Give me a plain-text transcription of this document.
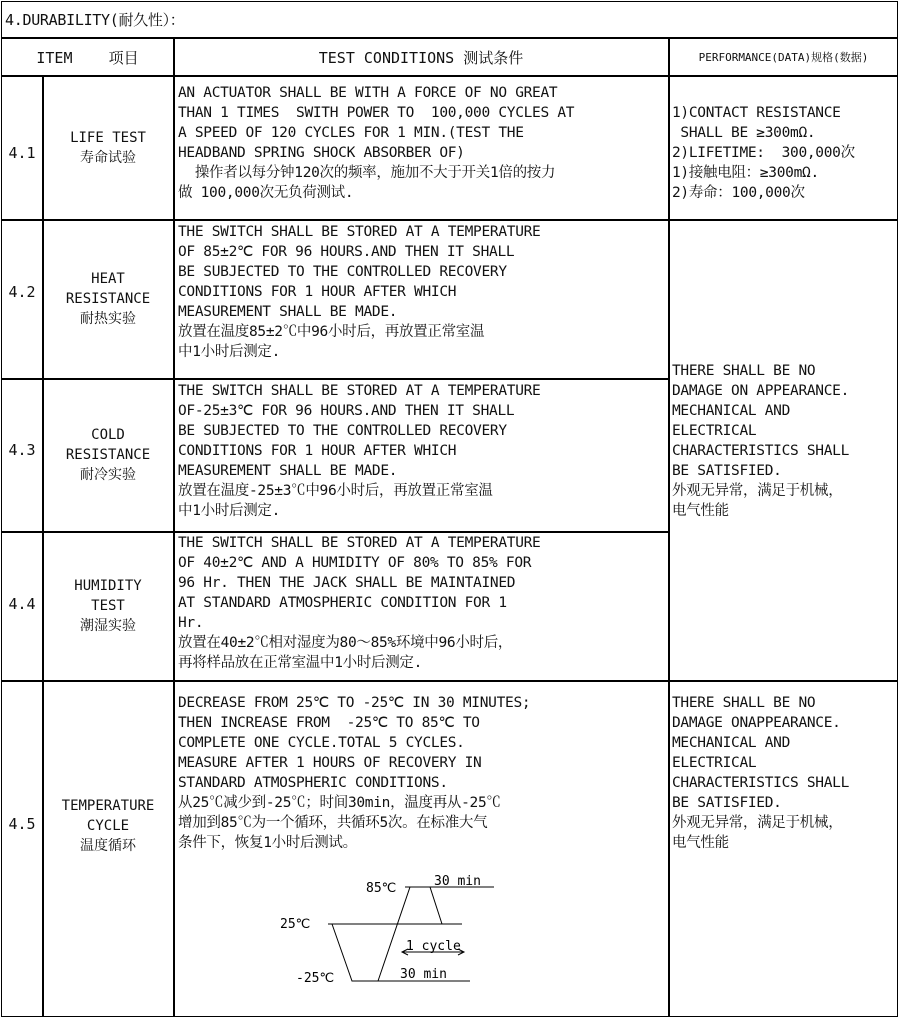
4.DURABILITY(耐久性）：
ITEM    项目	TEST CONDITIONS 测试条件	PERFORMANCE(DATA)规格(数据)
4.1
LIFE TEST
寿命试验
AN ACTUATOR SHALL BE WITH A FORCE OF NO GREAT
THAN 1 TIMES  SWITH POWER TO  100,000 CYCLES AT
A SPEED OF 120 CYCLES FOR 1 MIN.(TEST THE
HEADBAND SPRING SHOCK ABSORBER OF)
操作者以每分钟120次的频率，施加不大于开关1倍的按力
做 100,000次无负荷测试.
1)CONTACT RESISTANCE
SHALL BE ≥300mΩ.
2)LIFETIME:  300,000次
1)接触电阻：≥300mΩ.
2)寿命：100,000次
4.2
HEAT
RESISTANCE
耐热实验
THE SWITCH SHALL BE STORED AT A TEMPERATURE
OF 85±2℃ FOR 96 HOURS.AND THEN IT SHALL
BE SUBJECTED TO THE CONTROLLED RECOVERY
CONDITIONS FOR 1 HOUR AFTER WHICH
MEASUREMENT SHALL BE MADE.
放置在温度85±2℃中96小时后，再放置正常室温
中1小时后测定.
4.3
COLD
RESISTANCE
耐冷实验
THE SWITCH SHALL BE STORED AT A TEMPERATURE
OF-25±3℃ FOR 96 HOURS.AND THEN IT SHALL
BE SUBJECTED TO THE CONTROLLED RECOVERY
CONDITIONS FOR 1 HOUR AFTER WHICH
MEASUREMENT SHALL BE MADE.
放置在温度-25±3℃中96小时后，再放置正常室温
中1小时后测定.
THERE SHALL BE NO
DAMAGE ON APPEARANCE.
MECHANICAL AND
ELECTRICAL
CHARACTERISTICS SHALL
BE SATISFIED.
外观无异常，满足于机械，
电气性能
4.4
HUMIDITY
TEST
潮湿实验
THE SWITCH SHALL BE STORED AT A TEMPERATURE
OF 40±2℃ AND A HUMIDITY OF 80% TO 85% FOR
96 Hr. THEN THE JACK SHALL BE MAINTAINED
AT STANDARD ATMOSPHERIC CONDITION FOR 1
Hr.
放置在40±2℃相对湿度为80～85%环境中96小时后，
再将样品放在正常室温中1小时后测定.
4.5
TEMPERATURE
CYCLE
温度循环
DECREASE FROM 25℃ TO -25℃ IN 30 MINUTES;
THEN INCREASE FROM  -25℃ TO 85℃ TO
COMPLETE ONE CYCLE.TOTAL 5 CYCLES.
MEASURE AFTER 1 HOURS OF RECOVERY IN
STANDARD ATMOSPHERIC CONDITIONS.
从25℃减少到-25℃；时间30min，温度再从-25℃
增加到85℃为一个循环，共循环5次。在标准大气
条件下，恢复1小时后测试。
THERE SHALL BE NO
DAMAGE ONAPPEARANCE.
MECHANICAL AND
ELECTRICAL
CHARACTERISTICS SHALL
BE SATISFIED.
外观无异常，满足于机械，
电气性能
85℃
25℃
-25℃
30 min
1 cycle
30 min
